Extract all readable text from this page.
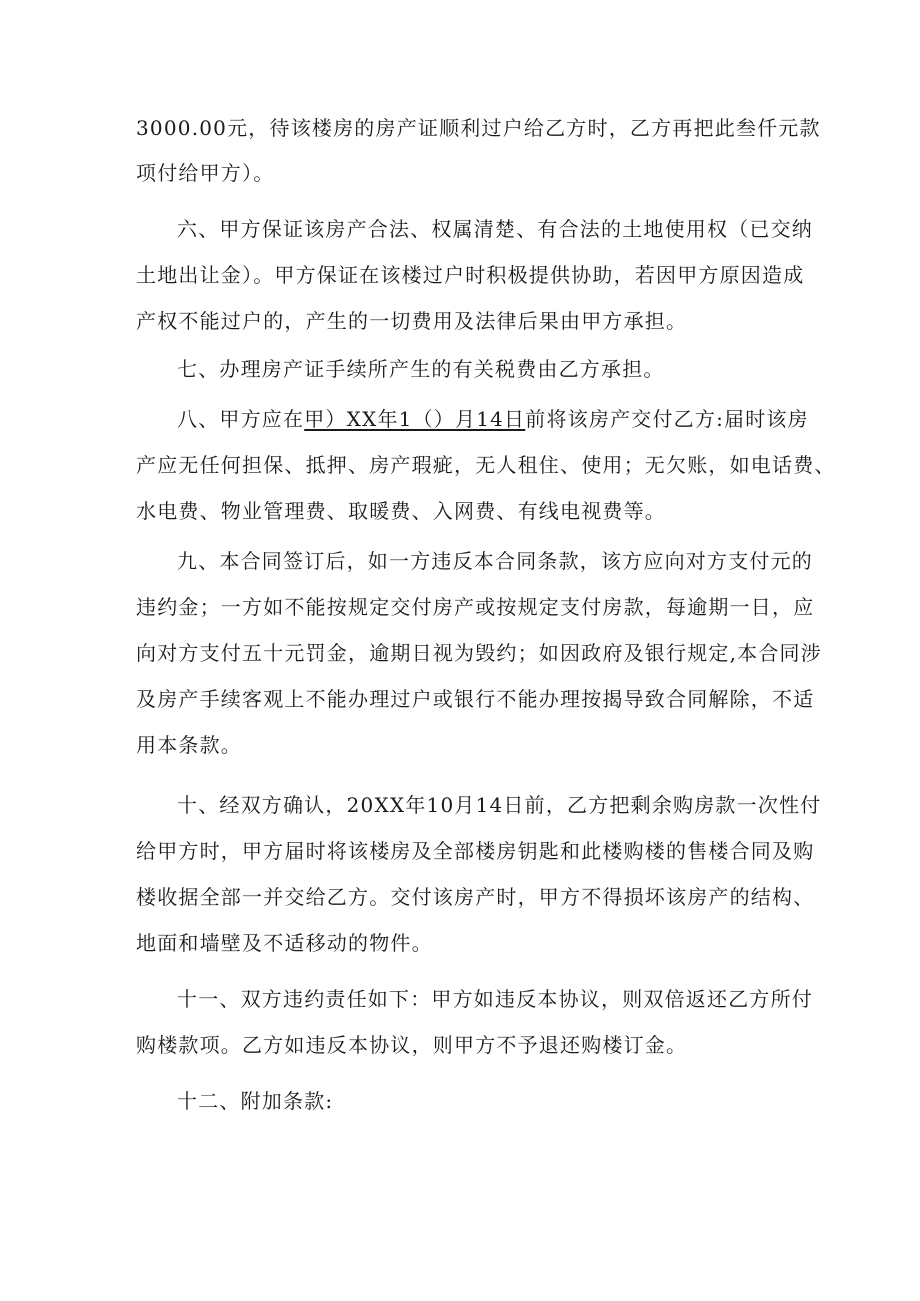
3000.00元，待该楼房的房产证顺利过户给乙方时，乙方再把此叁仟元款
项付给甲方）。
六、甲方保证该房产合法、权属清楚、有合法的土地使用权（已交纳
土地出让金）。甲方保证在该楼过户时积极提供协助，若因甲方原因造成
产权不能过户的，产生的一切费用及法律后果由甲方承担。
七、办理房产证手续所产生的有关税费由乙方承担。
八、甲方应在甲）XX年1（）月14日前将该房产交付乙方:届时该房
产应无任何担保、抵押、房产瑕疵，无人租住、使用；无欠账，如电话费、
水电费、物业管理费、取暖费、入网费、有线电视费等。
九、本合同签订后，如一方违反本合同条款，该方应向对方支付元的
违约金；一方如不能按规定交付房产或按规定支付房款，每逾期一日，应
向对方支付五十元罚金，逾期日视为毁约；如因政府及银行规定,本合同涉
及房产手续客观上不能办理过户或银行不能办理按揭导致合同解除，不适
用本条款。
十、经双方确认，20XX年10月14日前，乙方把剩余购房款一次性付
给甲方时，甲方届时将该楼房及全部楼房钥匙和此楼购楼的售楼合同及购
楼收据全部一并交给乙方。交付该房产时，甲方不得损坏该房产的结构、
地面和墙壁及不适移动的物件。
十一、双方违约责任如下：甲方如违反本协议，则双倍返还乙方所付
购楼款项。乙方如违反本协议，则甲方不予退还购楼订金。
十二、附加条款:
